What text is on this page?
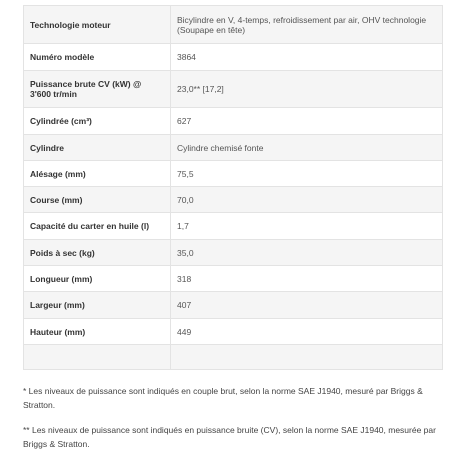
Technologie moteur	Bicylindre en V, 4-temps, refroidissement par air, OHV technologie (Soupape en tête)
Numéro modèle	3864
Puissance brute CV (kW) @ 3'600 tr/min	23,0** [17,2]
Cylindrée (cm³)	627
Cylindre	Cylindre chemisé fonte
Alésage (mm)	75,5
Course (mm)	70,0
Capacité du carter en huile (l)	1,7
Poids à sec (kg)	35,0
Longueur (mm)	318
Largeur (mm)	407
Hauteur (mm)	449

* Les niveaux de puissance sont indiqués en couple brut, selon la norme SAE J1940, mesuré par Briggs & Stratton.

** Les niveaux de puissance sont indiqués en puissance bruite (CV), selon la norme SAE J1940, mesurée par Briggs & Stratton.
